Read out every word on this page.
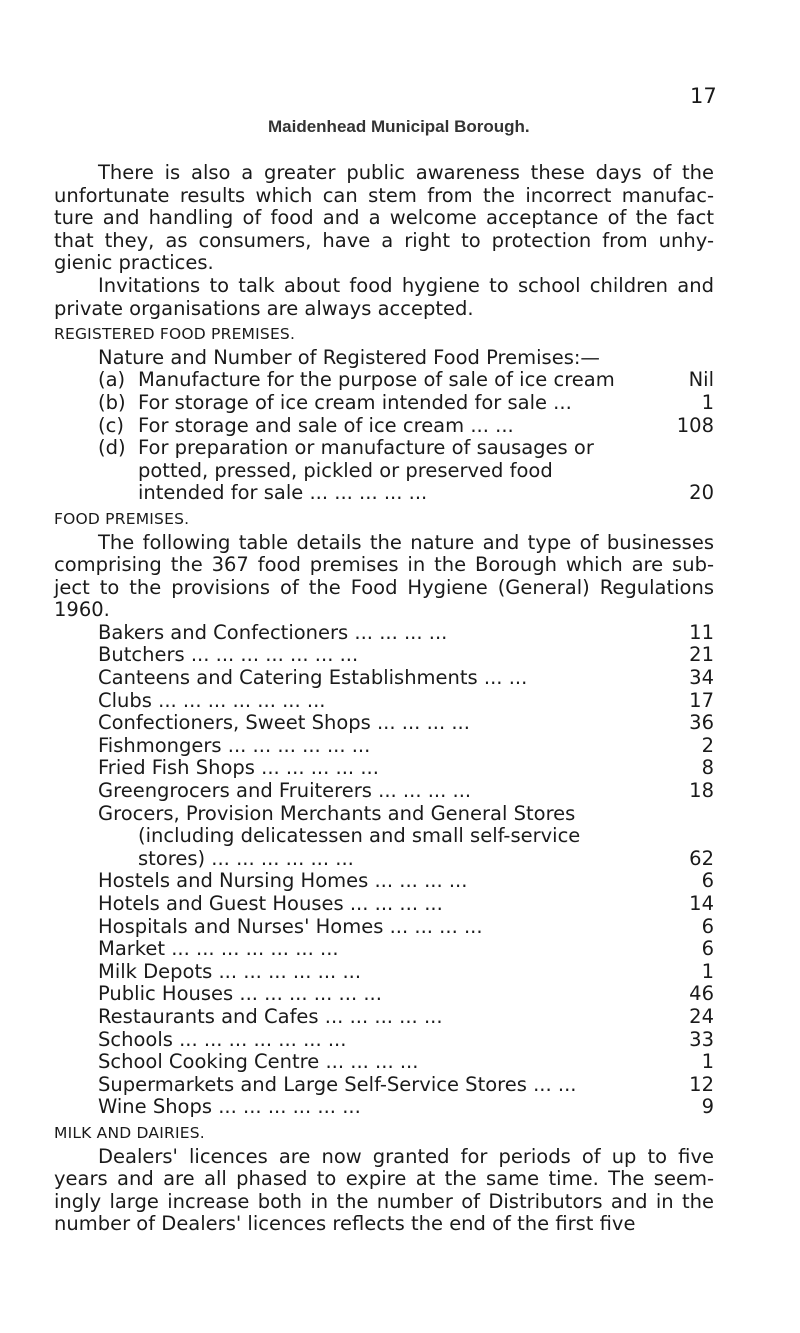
17
Maidenhead Municipal Borough.

There is also a greater public awareness these days of the unfortunate results which can stem from the incorrect manufac- ture and handling of food and a welcome acceptance of the fact that they, as consumers, have a right to protection from unhy- gienic practices.

Invitations to talk about food hygiene to school children and private organisations are always accepted.

REGISTERED FOOD PREMISES.

Nature and Number of Registered Food Premises:—

(a) Manufacture for the purpose of sale of ice cream	Nil
(b) For storage of ice cream intended for sale ...	1
(c) For storage and sale of ice cream ... ...	108
(d) For preparation or manufacture of sausages or
potted, pressed, pickled or preserved food
intended for sale ... ... ... ... ...	20
FOOD PREMISES.

The following table details the nature and type of businesses comprising the 367 food premises in the Borough which are sub- ject to the provisions of the Food Hygiene (General) Regulations 1960.

Bakers and Confectioners ... ... ... ...	11
Butchers ... ... ... ... ... ... ...	21
Canteens and Catering Establishments ... ...	34
Clubs ... ... ... ... ... ... ...	17
Confectioners, Sweet Shops ... ... ... ...	36
Fishmongers ... ... ... ... ... ...	2
Fried Fish Shops ... ... ... ... ...	8
Greengrocers and Fruiterers ... ... ... ...	18
Grocers, Provision Merchants and General Stores
(including delicatessen and small self-service
stores) ... ... ... ... ... ...	62
Hostels and Nursing Homes ... ... ... ...	6
Hotels and Guest Houses ... ... ... ...	14
Hospitals and Nurses' Homes ... ... ... ...	6
Market ... ... ... ... ... ... ...	6
Milk Depots ... ... ... ... ... ...	1
Public Houses ... ... ... ... ... ...	46
Restaurants and Cafes ... ... ... ... ...	24
Schools ... ... ... ... ... ... ...	33
School Cooking Centre ... ... ... ...	1
Supermarkets and Large Self-Service Stores ... ...	12
Wine Shops ... ... ... ... ... ...	9
MILK AND DAIRIES.

Dealers' licences are now granted for periods of up to five years and are all phased to expire at the same time. The seem- ingly large increase both in the number of Distributors and in the number of Dealers' licences reflects the end of the first five
